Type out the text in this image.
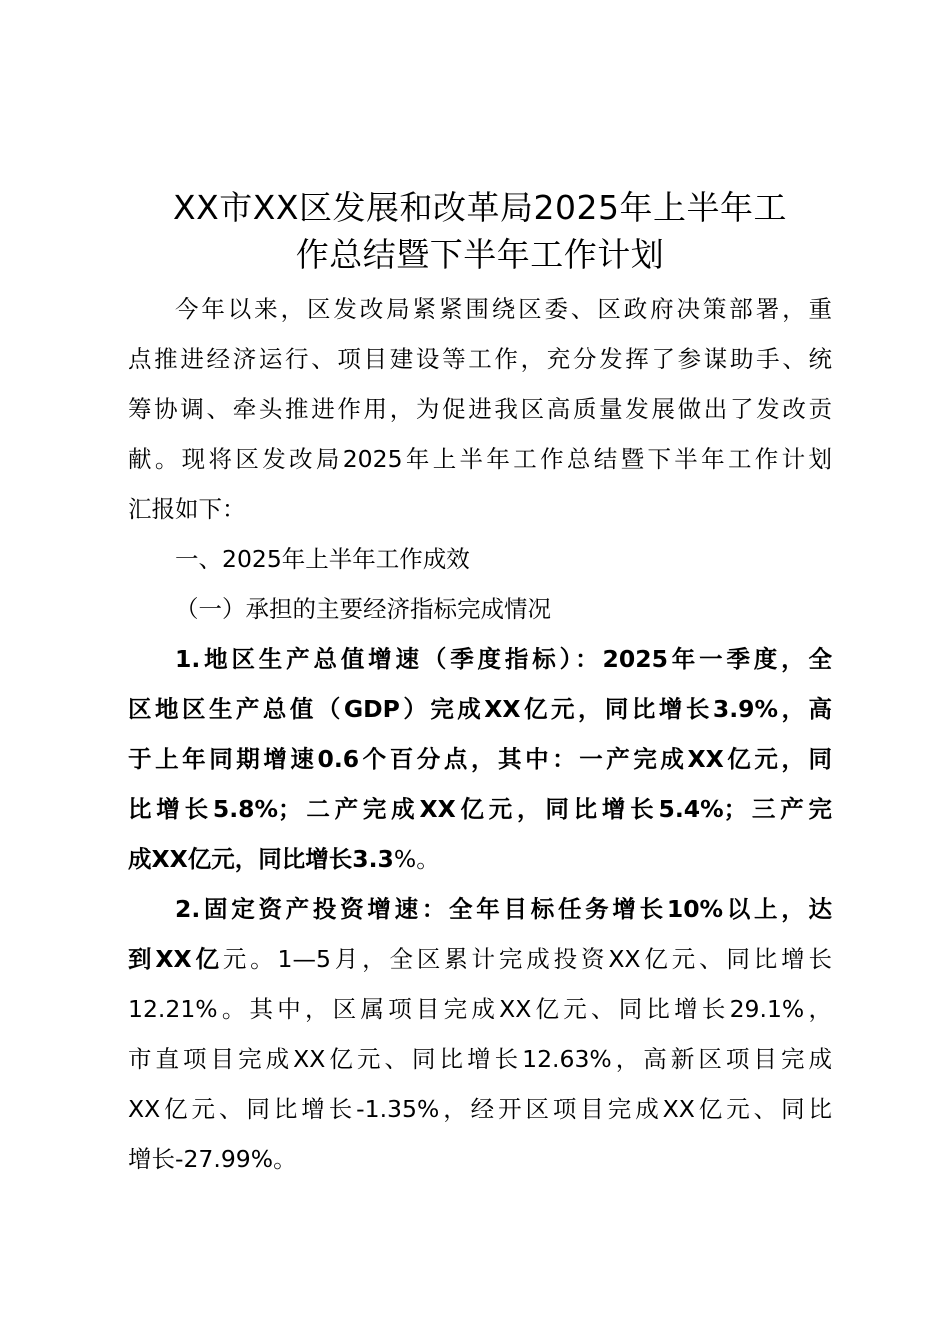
XX市XX区发展和改革局2025年上半年工
作总结暨下半年工作计划

今年以来，区发改局紧紧围绕区委、区政府决策部署，重
点推进经济运行、项目建设等工作，充分发挥了参谋助手、统
筹协调、牵头推进作用，为促进我区高质量发展做出了发改贡
献。现将区发改局2025年上半年工作总结暨下半年工作计划
汇报如下：

一、2025年上半年工作成效

（一）承担的主要经济指标完成情况

1.地区生产总值增速（季度指标）：2025年一季度，全
区地区生产总值（GDP）完成XX亿元，同比增长3.9%，高
于上年同期增速0.6个百分点，其中：一产完成XX亿元，同
比增长5.8%；二产完成XX亿元，同比增长5.4%；三产完
成XX亿元，同比增长3.3%。

2.固定资产投资增速：全年目标任务增长10%以上，达
到XX亿元。1—5月，全区累计完成投资XX亿元、同比增长
12.21%。其中，区属项目完成XX亿元、同比增长29.1%，
市直项目完成XX亿元、同比增长12.63%，高新区项目完成
XX亿元、同比增长-1.35%，经开区项目完成XX亿元、同比
增长-27.99%。
